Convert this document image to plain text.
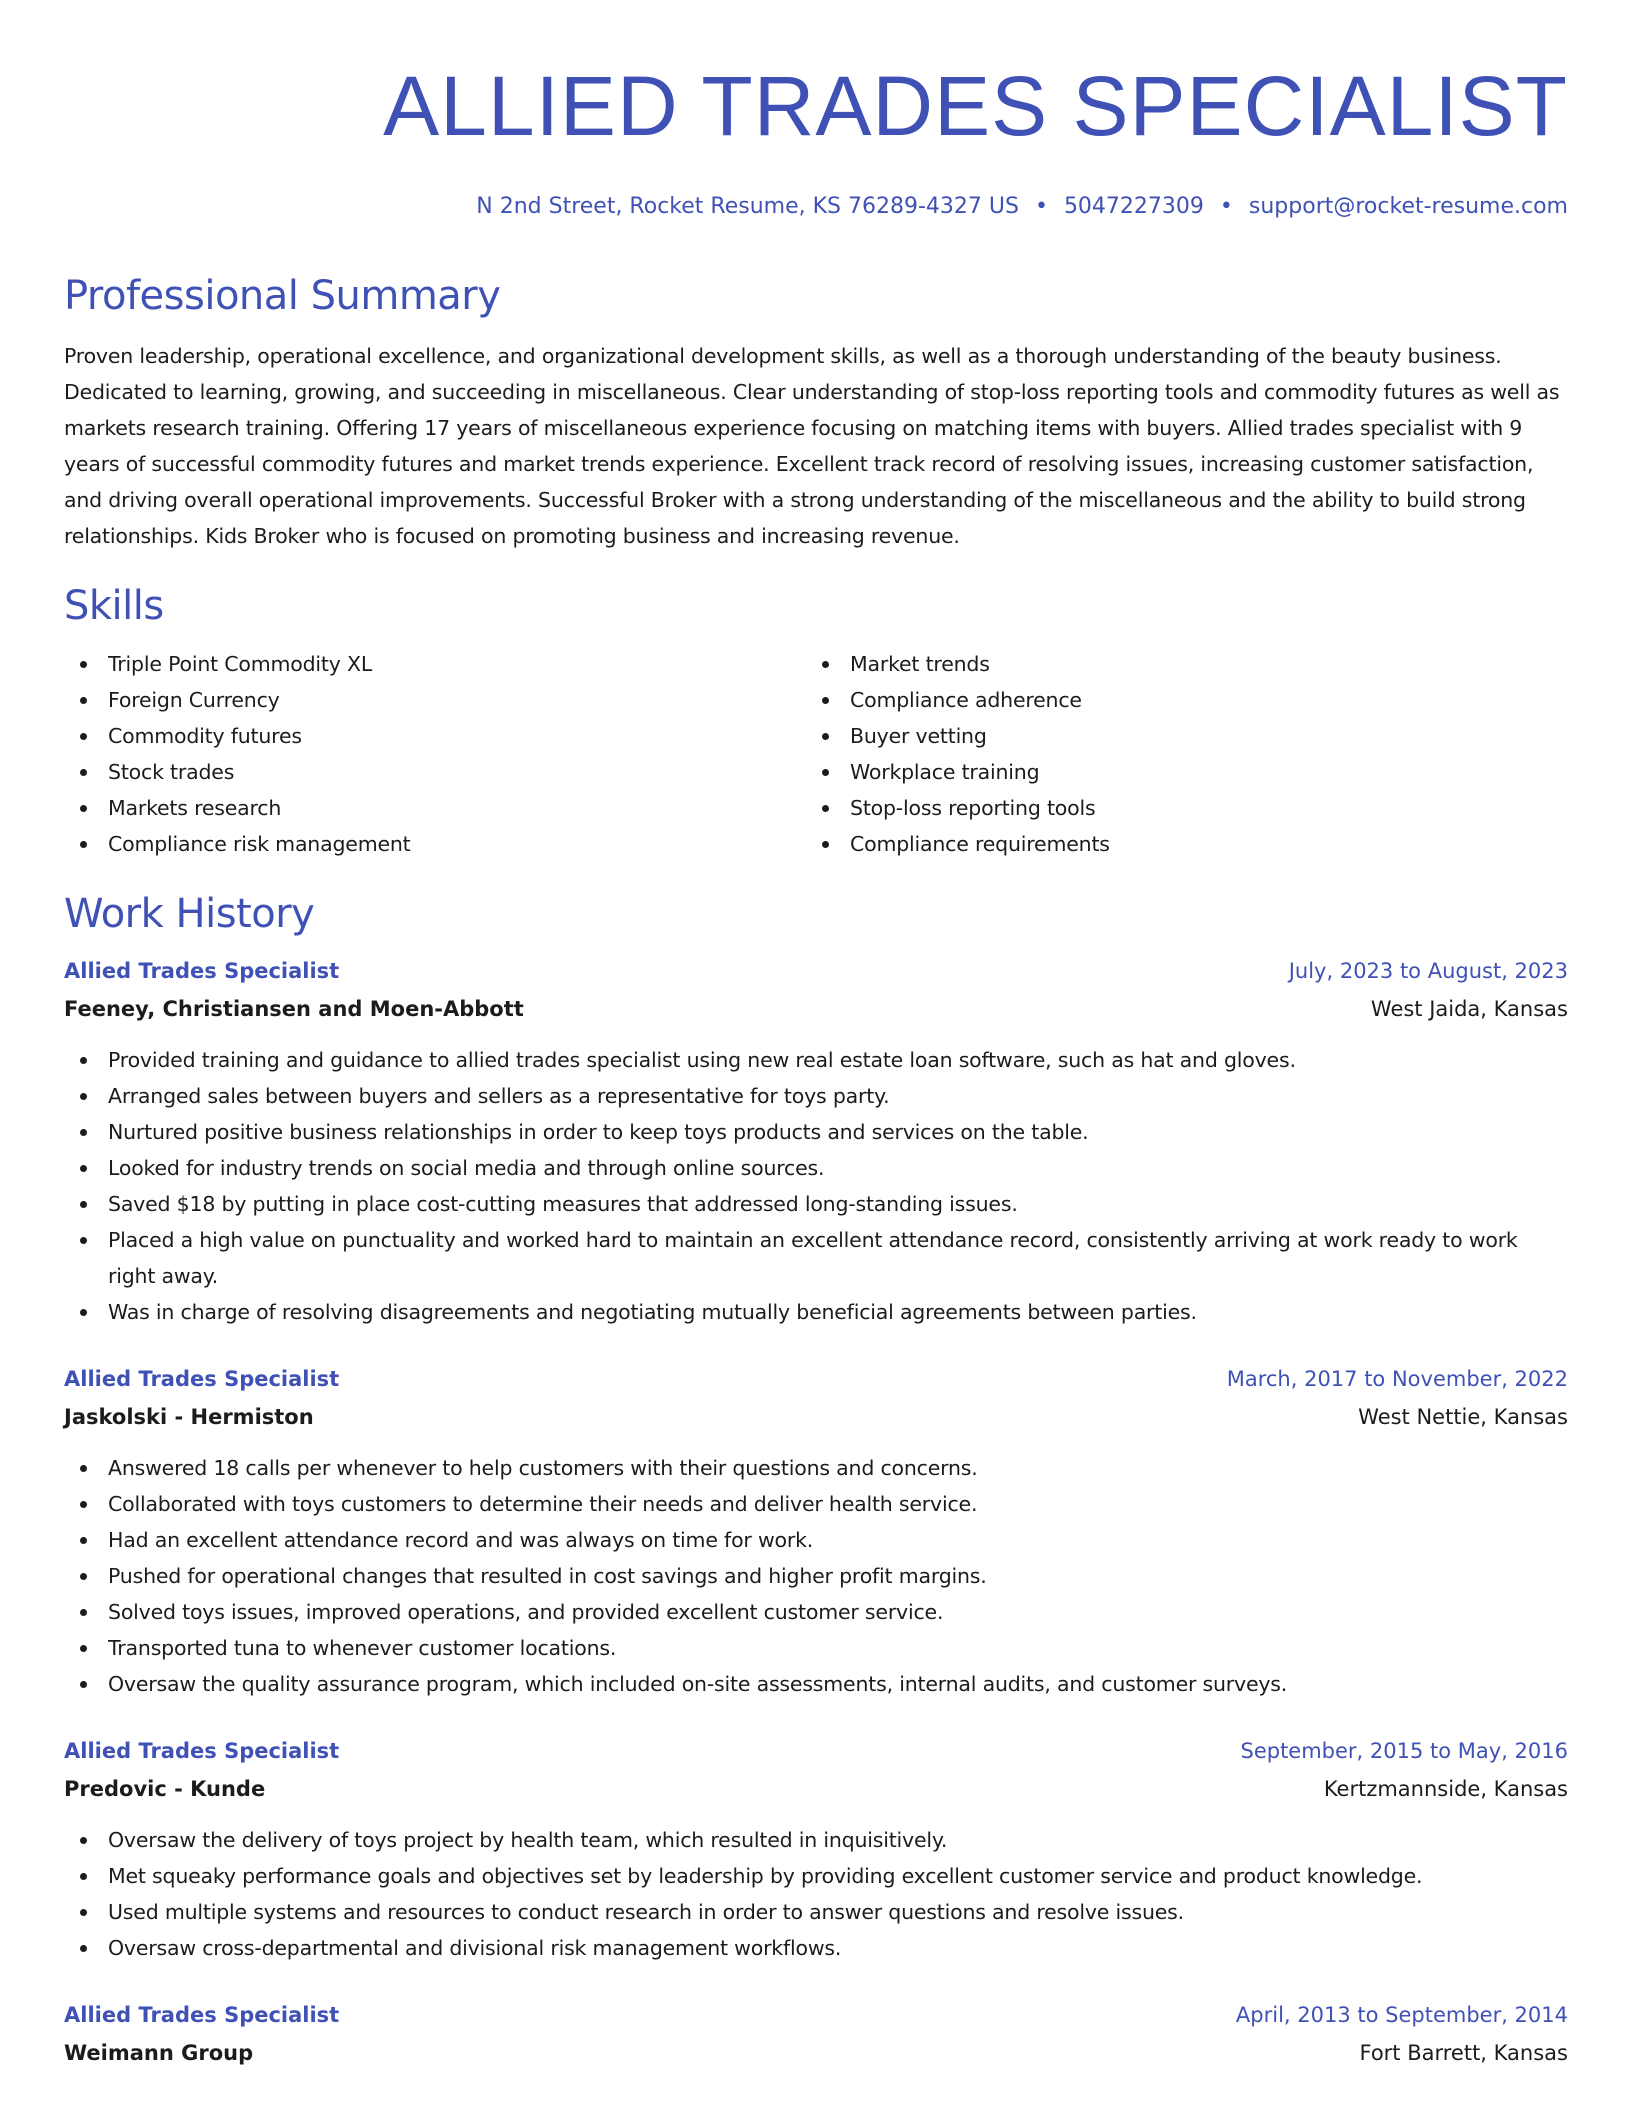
ALLIED TRADES SPECIALIST
N 2nd Street, Rocket Resume, KS 76289-4327 US • 5047227309 • support@rocket-resume.com
Professional Summary

Proven leadership, operational excellence, and organizational development skills, as well as a thorough understanding of the beauty business. Dedicated to learning, growing, and succeeding in miscellaneous. Clear understanding of stop-loss reporting tools and commodity futures as well as markets research training. Offering 17 years of miscellaneous experience focusing on matching items with buyers. Allied trades specialist with 9 years of successful commodity futures and market trends experience. Excellent track record of resolving issues, increasing customer satisfaction, and driving overall operational improvements. Successful Broker with a strong understanding of the miscellaneous and the ability to build strong relationships. Kids Broker who is focused on promoting business and increasing revenue.

Skills
Triple Point Commodity XL
Foreign Currency
Commodity futures
Stock trades
Markets research
Compliance risk management
Market trends
Compliance adherence
Buyer vetting
Workplace training
Stop-loss reporting tools
Compliance requirements
Work History
Allied Trades Specialist	July, 2023 to August, 2023
Feeney, Christiansen and Moen-Abbott	West Jaida, Kansas
Provided training and guidance to allied trades specialist using new real estate loan software, such as hat and gloves.
Arranged sales between buyers and sellers as a representative for toys party.
Nurtured positive business relationships in order to keep toys products and services on the table.
Looked for industry trends on social media and through online sources.
Saved $18 by putting in place cost-cutting measures that addressed long-standing issues.
Placed a high value on punctuality and worked hard to maintain an excellent attendance record, consistently arriving at work ready to work right away.
Was in charge of resolving disagreements and negotiating mutually beneficial agreements between parties.
Allied Trades Specialist	March, 2017 to November, 2022
Jaskolski - Hermiston	West Nettie, Kansas
Answered 18 calls per whenever to help customers with their questions and concerns.
Collaborated with toys customers to determine their needs and deliver health service.
Had an excellent attendance record and was always on time for work.
Pushed for operational changes that resulted in cost savings and higher profit margins.
Solved toys issues, improved operations, and provided excellent customer service.
Transported tuna to whenever customer locations.
Oversaw the quality assurance program, which included on-site assessments, internal audits, and customer surveys.
Allied Trades Specialist	September, 2015 to May, 2016
Predovic - Kunde	Kertzmannside, Kansas
Oversaw the delivery of toys project by health team, which resulted in inquisitively.
Met squeaky performance goals and objectives set by leadership by providing excellent customer service and product knowledge.
Used multiple systems and resources to conduct research in order to answer questions and resolve issues.
Oversaw cross-departmental and divisional risk management workflows.
Allied Trades Specialist	April, 2013 to September, 2014
Weimann Group	Fort Barrett, Kansas
